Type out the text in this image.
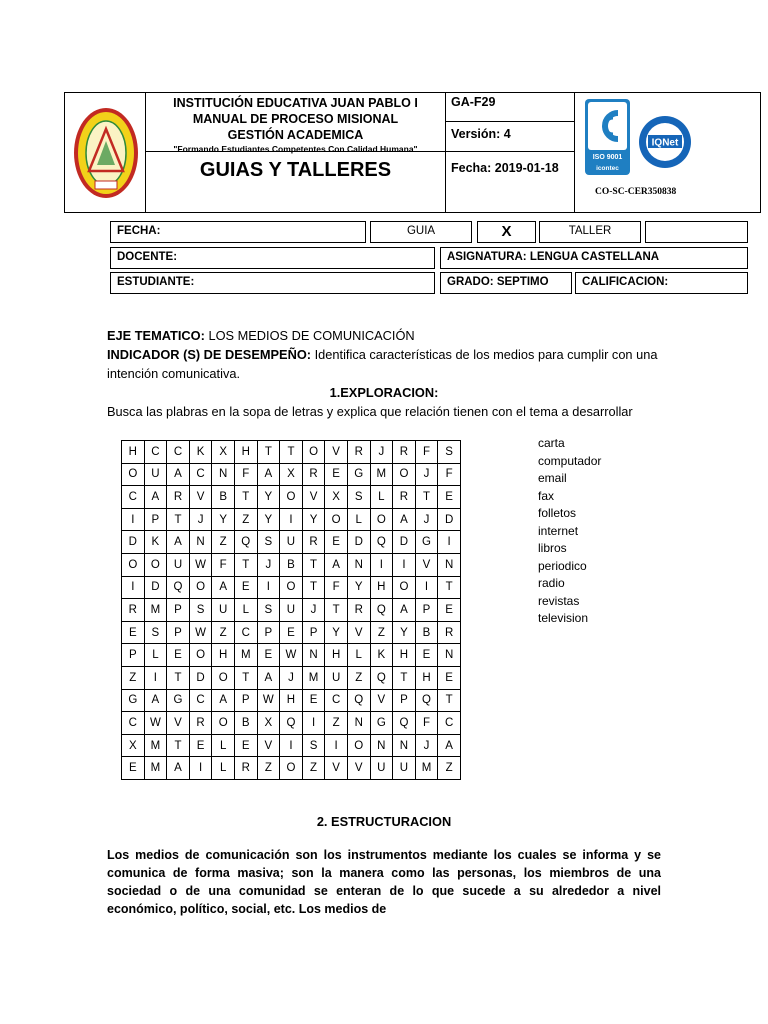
INSTITUCIÓN EDUCATIVA JUAN PABLO I
MANUAL DE PROCESO MISIONAL
GESTIÓN ACADEMICA
"Formando Estudiantes Competentes Con Calidad Humana"
GUIAS Y TALLERES
GA-F29
Versión: 4
Fecha: 2019-01-18
ISO 9001
icontec
IQNet
CO-SC-CER350838
FECHA:	GUIA	X	TALLER
DOCENTE:	ASIGNATURA: LENGUA CASTELLANA
ESTUDIANTE:	GRADO: SEPTIMO	CALIFICACION:
EJE TEMATICO: LOS MEDIOS DE COMUNICACIÓN
INDICADOR (S) DE DESEMPEÑO: Identifica características de los medios para cumplir con una intención comunicativa.
1.EXPLORACION:
Busca las plabras en la sopa de letras y explica que relación tienen con el tema a desarrollar
H	C	C	K	X	H	T	T	O	V	R	J	R	F	S
O	U	A	C	N	F	A	X	R	E	G	M	O	J	F
C	A	R	V	B	T	Y	O	V	X	S	L	R	T	E
I	P	T	J	Y	Z	Y	I	Y	O	L	O	A	J	D
D	K	A	N	Z	Q	S	U	R	E	D	Q	D	G	I
O	O	U	W	F	T	J	B	T	A	N	I	I	V	N
I	D	Q	O	A	E	I	O	T	F	Y	H	O	I	T
R	M	P	S	U	L	S	U	J	T	R	Q	A	P	E
E	S	P	W	Z	C	P	E	P	Y	V	Z	Y	B	R
P	L	E	O	H	M	E	W	N	H	L	K	H	E	N
Z	I	T	D	O	T	A	J	M	U	Z	Q	T	H	E
G	A	G	C	A	P	W	H	E	C	Q	V	P	Q	T
C	W	V	R	O	B	X	Q	I	Z	N	G	Q	F	C
X	M	T	E	L	E	V	I	S	I	O	N	N	J	A
E	M	A	I	L	R	Z	O	Z	V	V	U	U	M	Z
carta
computador
email
fax
folletos
internet
libros
periodico
radio
revistas
television
2. ESTRUCTURACION
Los medios de comunicación son los instrumentos mediante los cuales se informa y se comunica de forma masiva; son la manera como las personas, los miembros de una sociedad o de una comunidad se enteran de lo que sucede a su alrededor a nivel económico, político, social, etc. Los medios de
